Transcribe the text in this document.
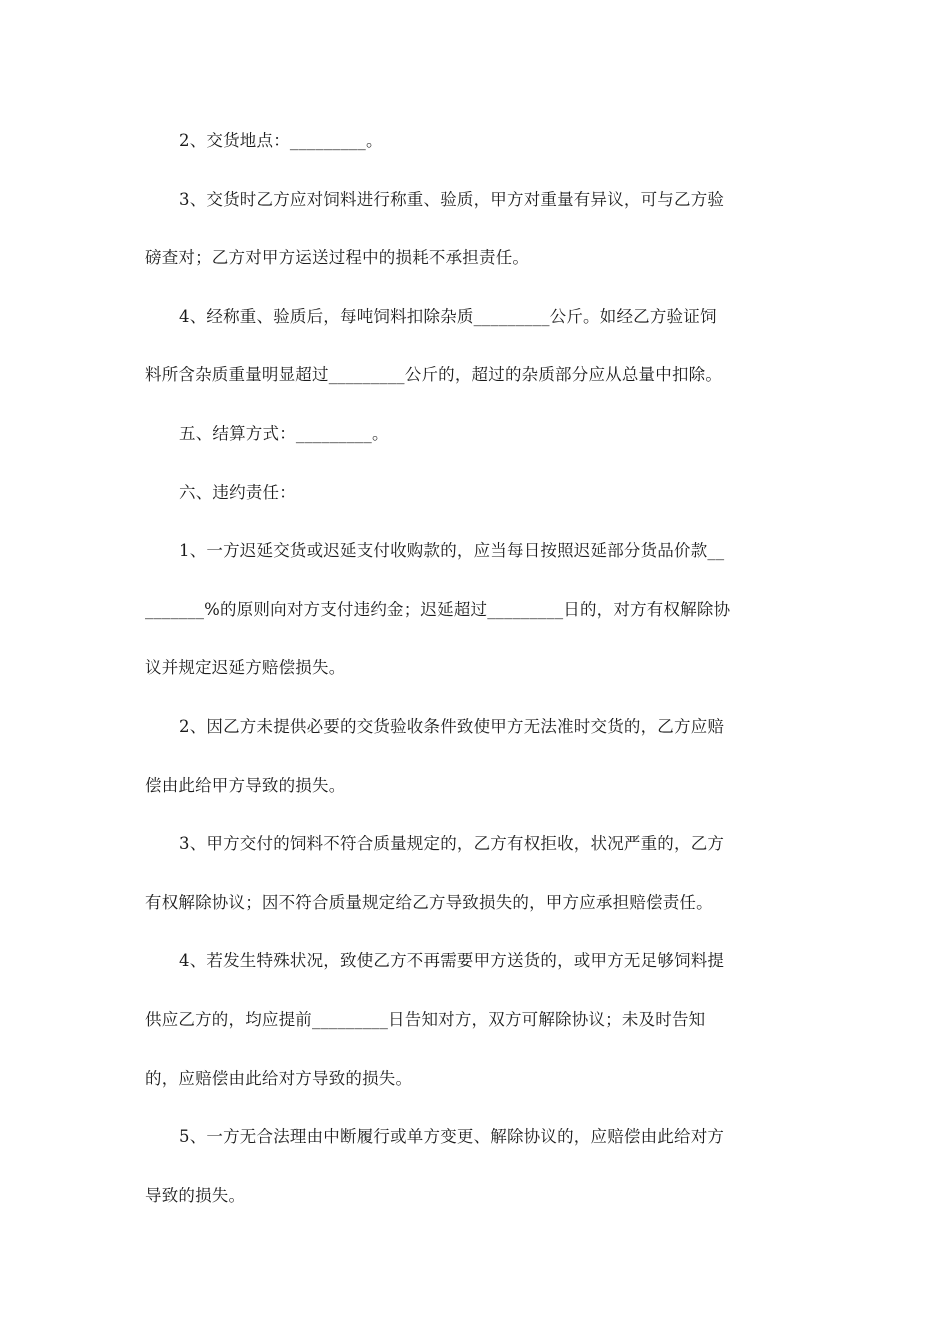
2、交货地点：_________。
3、交货时乙方应对饲料进行称重、验质，甲方对重量有异议，可与乙方验
磅查对；乙方对甲方运送过程中的损耗不承担责任。
4、经称重、验质后，每吨饲料扣除杂质_________公斤。如经乙方验证饲
料所含杂质重量明显超过_________公斤的，超过的杂质部分应从总量中扣除。
五、结算方式：_________。
六、违约责任：
1、一方迟延交货或迟延支付收购款的，应当每日按照迟延部分货品价款__
_______%的原则向对方支付违约金；迟延超过_________日的，对方有权解除协
议并规定迟延方赔偿损失。
2、因乙方未提供必要的交货验收条件致使甲方无法准时交货的，乙方应赔
偿由此给甲方导致的损失。
3、甲方交付的饲料不符合质量规定的，乙方有权拒收，状况严重的，乙方
有权解除协议；因不符合质量规定给乙方导致损失的，甲方应承担赔偿责任。
4、若发生特殊状况，致使乙方不再需要甲方送货的，或甲方无足够饲料提
供应乙方的，均应提前_________日告知对方，双方可解除协议；未及时告知
的，应赔偿由此给对方导致的损失。
5、一方无合法理由中断履行或单方变更、解除协议的，应赔偿由此给对方
导致的损失。
